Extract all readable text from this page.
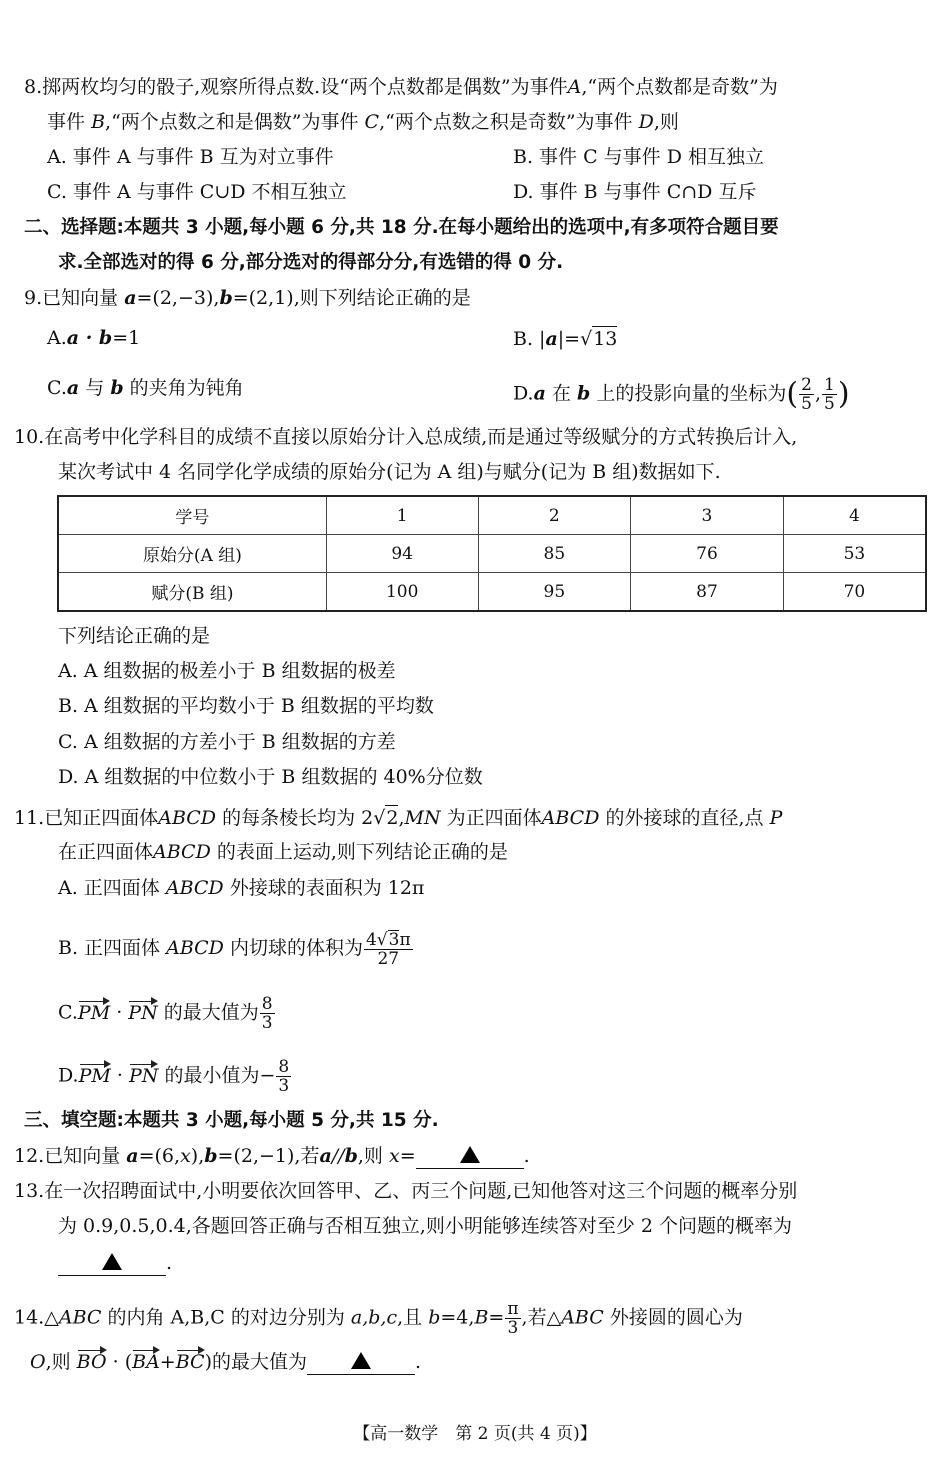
8.掷两枚均匀的骰子,观察所得点数.设“两个点数都是偶数”为事件A,“两个点数都是奇数”为
事件 B,“两个点数之和是偶数”为事件 C,“两个点数之积是奇数”为事件 D,则
A. 事件 A 与事件 B 互为对立事件	B. 事件 C 与事件 D 相互独立
C. 事件 A 与事件 C∪D 不相互独立	D. 事件 B 与事件 C∩D 互斥
二、选择题:本题共 3 小题,每小题 6 分,共 18 分.在每小题给出的选项中,有多项符合题目要
求.全部选对的得 6 分,部分选对的得部分分,有选错的得 0 分.
9.已知向量 a=(2,−3),b=(2,1),则下列结论正确的是
A.a · b=1	B. |a|=√13
C.a 与 b 的夹角为钝角	D.a 在 b 上的投影向量的坐标为( $\frac{2}{5}$ , $\frac{1}{5}$ )
10.在高考中化学科目的成绩不直接以原始分计入总成绩,而是通过等级赋分的方式转换后计入,
某次考试中 4 名同学化学成绩的原始分(记为 A 组)与赋分(记为 B 组)数据如下.
学号	1	2	3	4
原始分(A 组)	94	85	76	53
赋分(B 组)	100	95	87	70
下列结论正确的是
A. A 组数据的极差小于 B 组数据的极差
B. A 组数据的平均数小于 B 组数据的平均数
C. A 组数据的方差小于 B 组数据的方差
D. A 组数据的中位数小于 B 组数据的 40%分位数
11.已知正四面体ABCD 的每条棱长均为 2√2,MN 为正四面体ABCD 的外接球的直径,点 P
在正四面体ABCD 的表面上运动,则下列结论正确的是
A. 正四面体 ABCD 外接球的表面积为 12π
B. 正四面体 ABCD 内切球的体积为 $\frac{4√3\pi}{27}$
C.PM · PN 的最大值为 $\frac{8}{3}$
D.PM · PN 的最小值为− $\frac{8}{3}$
三、填空题:本题共 3 小题,每小题 5 分,共 15 分.
12.已知向量 a=(6,x),b=(2,−1),若a//b,则 x=	.
13.在一次招聘面试中,小明要依次回答甲、乙、丙三个问题,已知他答对这三个问题的概率分别
为 0.9,0.5,0.4,各题回答正确与否相互独立,则小明能够连续答对至少 2 个问题的概率为
.
14.△ABC 的内角 A,B,C 的对边分别为 a,b,c,且 $b=4,B= \frac{\pi}{3}$ ,若△ABC 外接圆的圆心为
O,则 BO · (BA+BC)的最大值为	.
【高一数学　第 2 页(共 4 页)】
